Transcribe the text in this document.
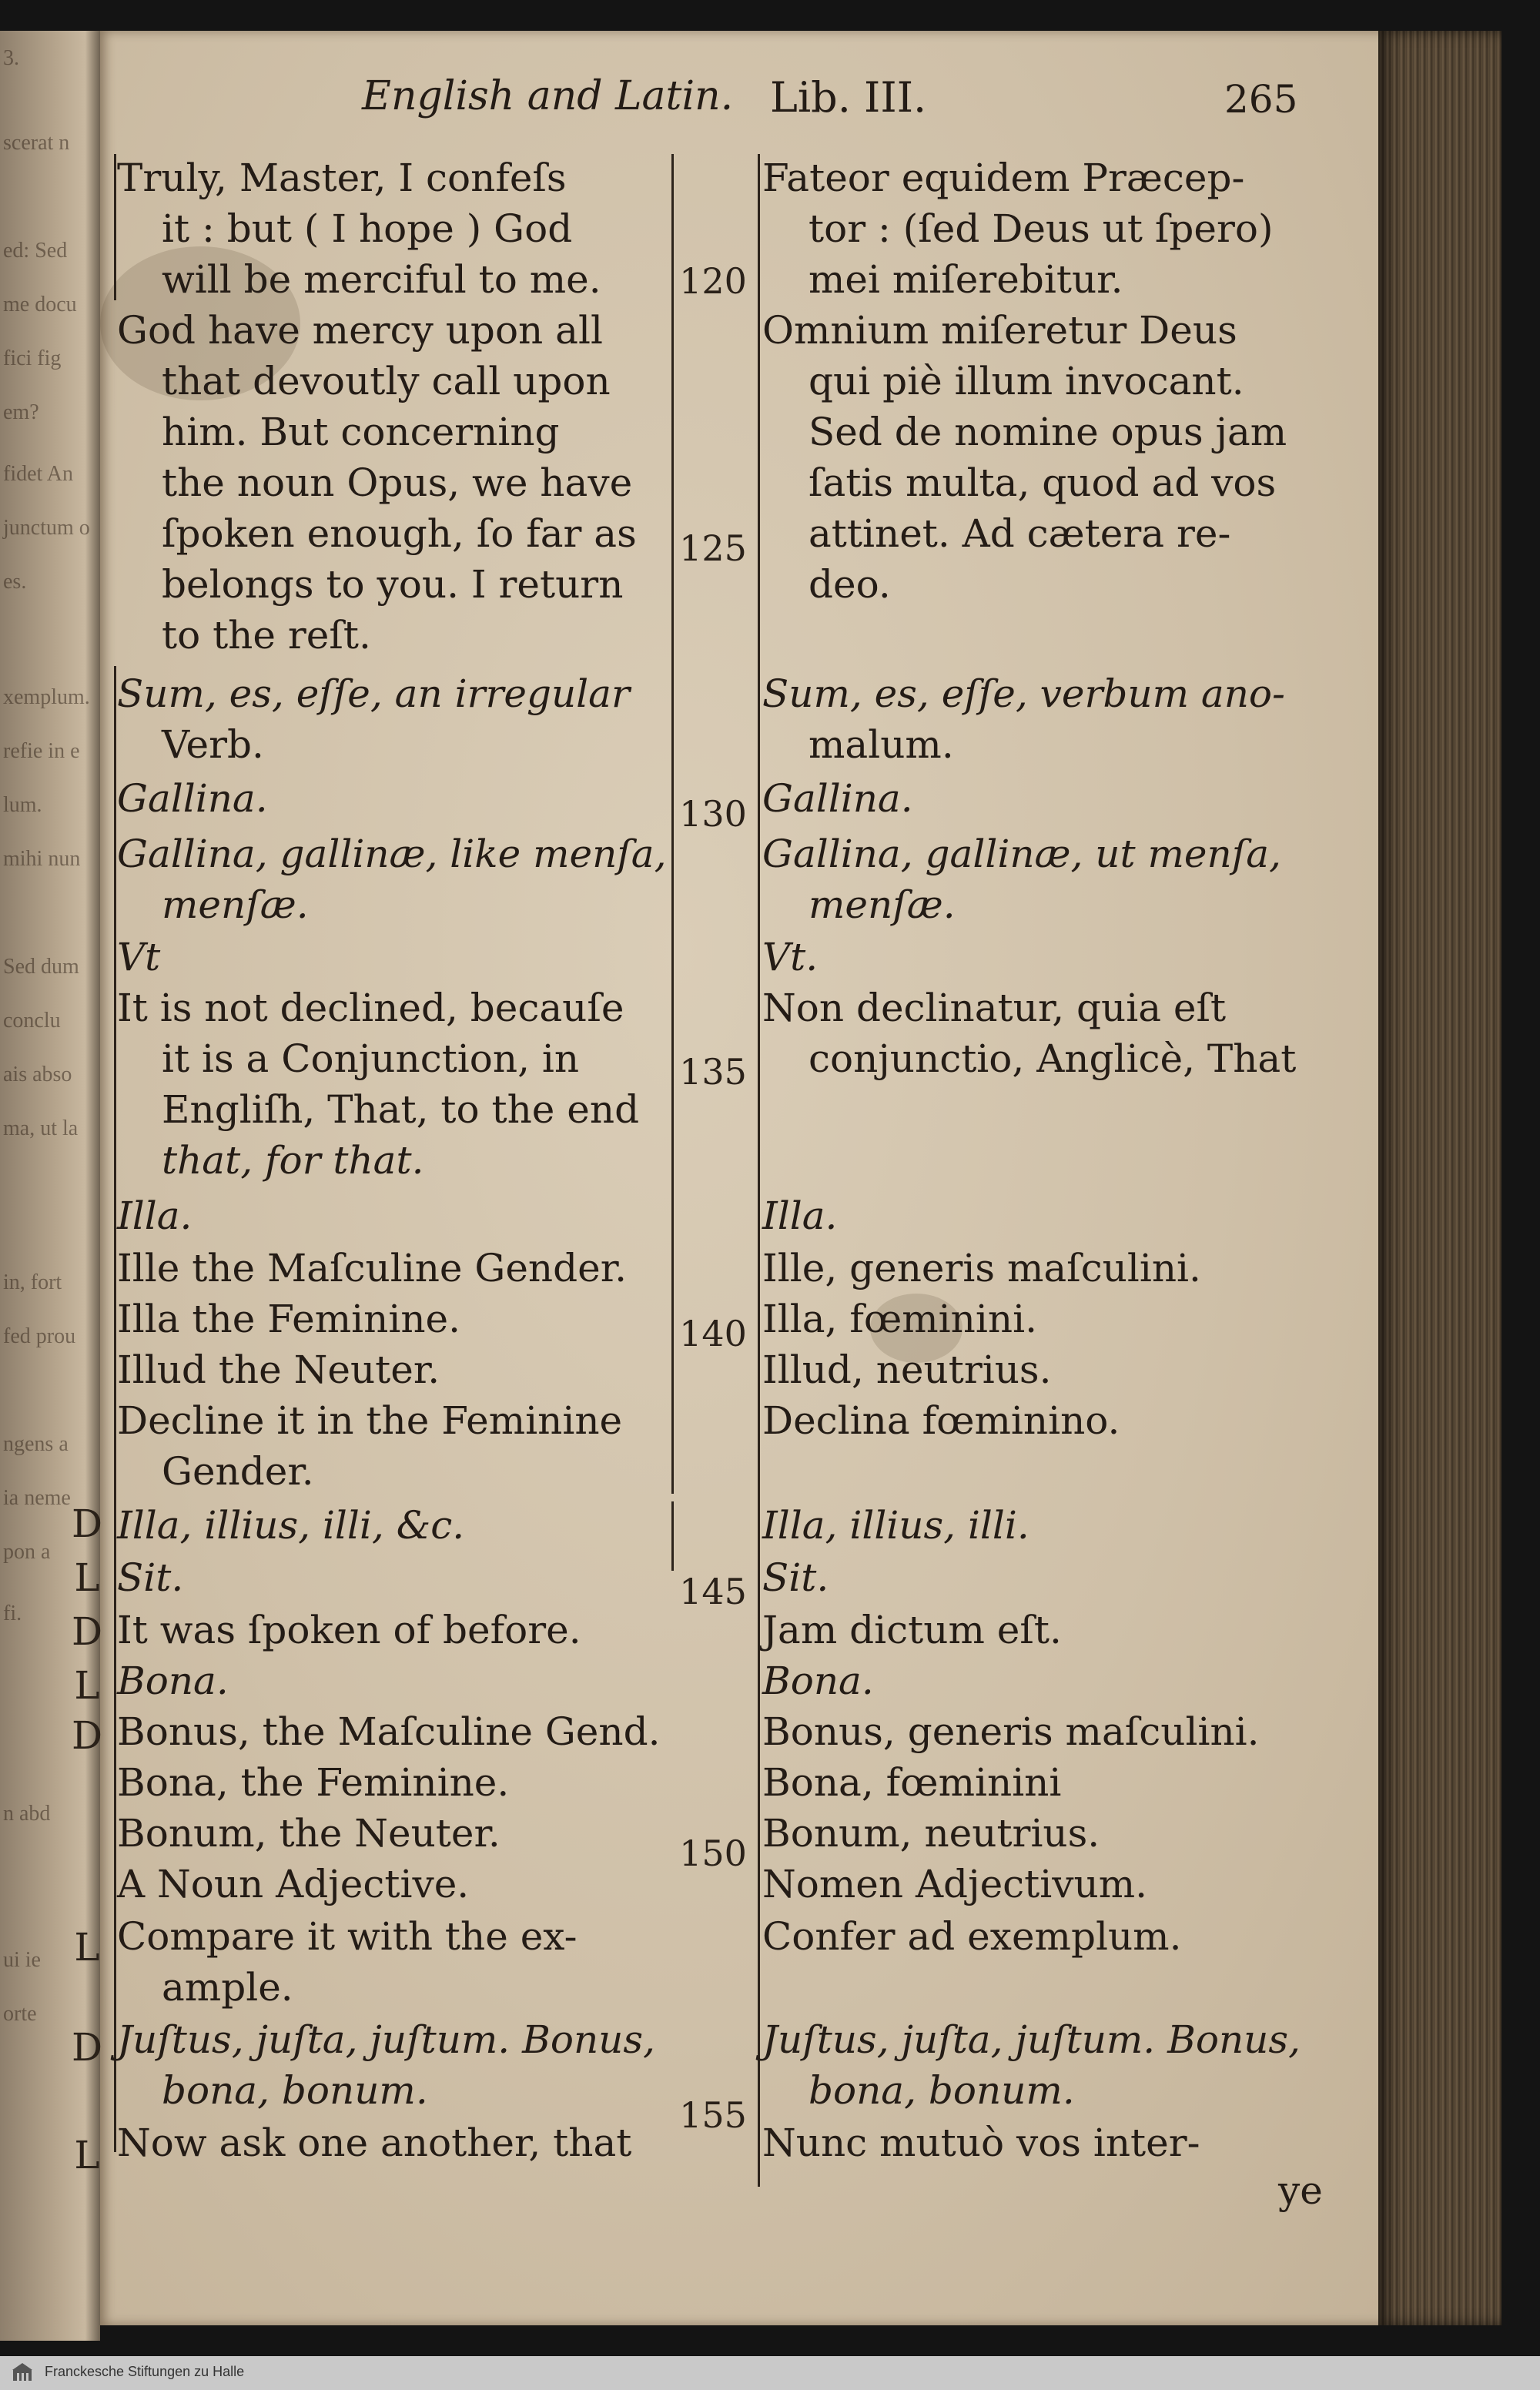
3.
scerat n
ed: Sed
me docu
fici fig
em?
fidet An
junctum o
es.
xemplum.
refie in e
lum.
mihi nun
Sed dum
conclu
ais abso
ma, ut la
in, fort
fed prou
ngens a
ia neme
pon a
fi.
n abd
ui ie
orte
English and Latin. Lib. III.	265
D
L
D
L
D
L
D
L
120
125
130
135
140
145
150
155
Truly, Master, I confeſs
it : but ( I hope ) God
will be merciful to me.
God have mercy upon all
that devoutly call upon
him. But concerning
the noun Opus, we have
ſpoken enough, ſo far as
belongs to you. I return
to the reſt.
Sum, es, eſſe, an irregular
Verb.
Gallina.
Gallina, gallinæ, like menſa,
menſæ.
Vt
It is not declined, becauſe
it is a Conjunction, in
Engliſh, That, to the end
that, for that.
Illa.
Ille the Maſculine Gender.
Illa the Feminine.
Illud the Neuter.
Decline it in the Feminine
Gender.
Illa, illius, illi, &c.
Sit.
It was ſpoken of before.
Bona.
Bonus, the Maſculine Gend.
Bona, the Feminine.
Bonum, the Neuter.
A Noun Adjective.
Compare it with the ex-
ample.
Juſtus, juſta, juſtum. Bonus,
bona, bonum.
Now ask one another, that
Fateor equidem Præcep-
tor : (ſed Deus ut ſpero)
mei miſerebitur.
Omnium miſeretur Deus
qui piè illum invocant.
Sed de nomine opus jam
ſatis multa, quod ad vos
attinet. Ad cætera re-
deo.
Sum, es, eſſe, verbum ano-
malum.
Gallina.
Gallina, gallinæ, ut menſa,
menſæ.
Vt.
Non declinatur, quia eſt
conjunctio, Anglicè, That
Illa.
Ille, generis maſculini.
Illa, fœminini.
Illud, neutrius.
Declina fœminino.
Illa, illius, illi.
Sit.
Jam dictum eſt.
Bona.
Bonus, generis maſculini.
Bona, fœminini
Bonum, neutrius.
Nomen Adjectivum.
Confer ad exemplum.
Juſtus, juſta, juſtum. Bonus,
bona, bonum.
Nunc mutuò vos inter-
ye
Franckesche Stiftungen zu Halle
